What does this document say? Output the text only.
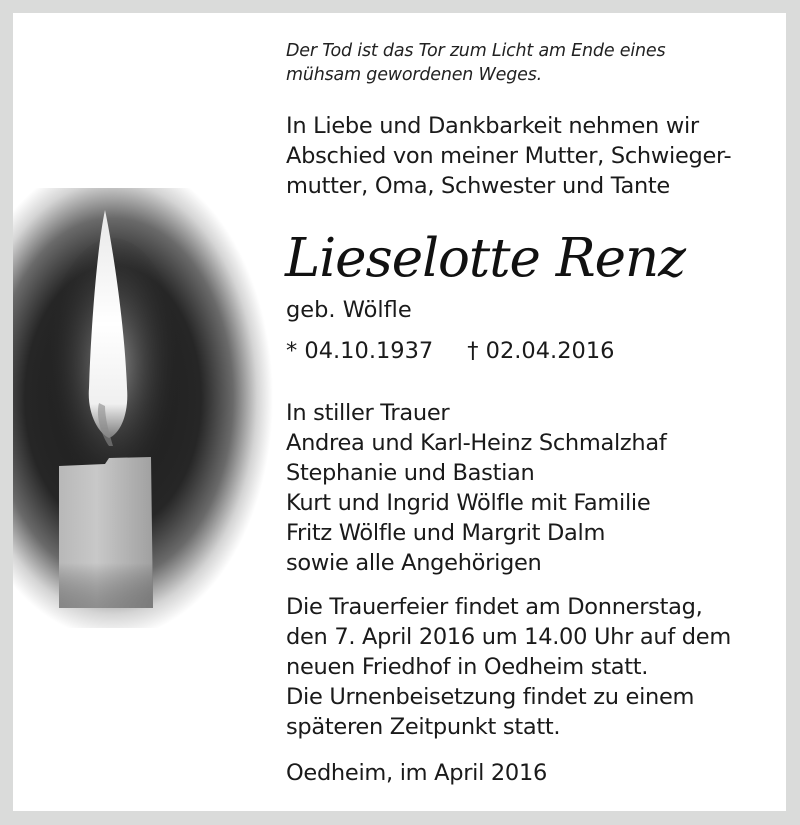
Der Tod ist das Tor zum Licht am Ende eines
mühsam gewordenen Weges.
In Liebe und Dankbarkeit nehmen wir
Abschied von meiner Mutter, Schwieger-
mutter, Oma, Schwester und Tante
Lieselotte Renz
geb. Wölfle
* 04.10.1937 † 02.04.2016
In stiller Trauer
Andrea und Karl-Heinz Schmalzhaf
Stephanie und Bastian
Kurt und Ingrid Wölfle mit Familie
Fritz Wölfle und Margrit Dalm
sowie alle Angehörigen
Die Trauerfeier findet am Donnerstag,
den 7. April 2016 um 14.00 Uhr auf dem
neuen Friedhof in Oedheim statt.
Die Urnenbeisetzung findet zu einem
späteren Zeitpunkt statt.
Oedheim, im April 2016
